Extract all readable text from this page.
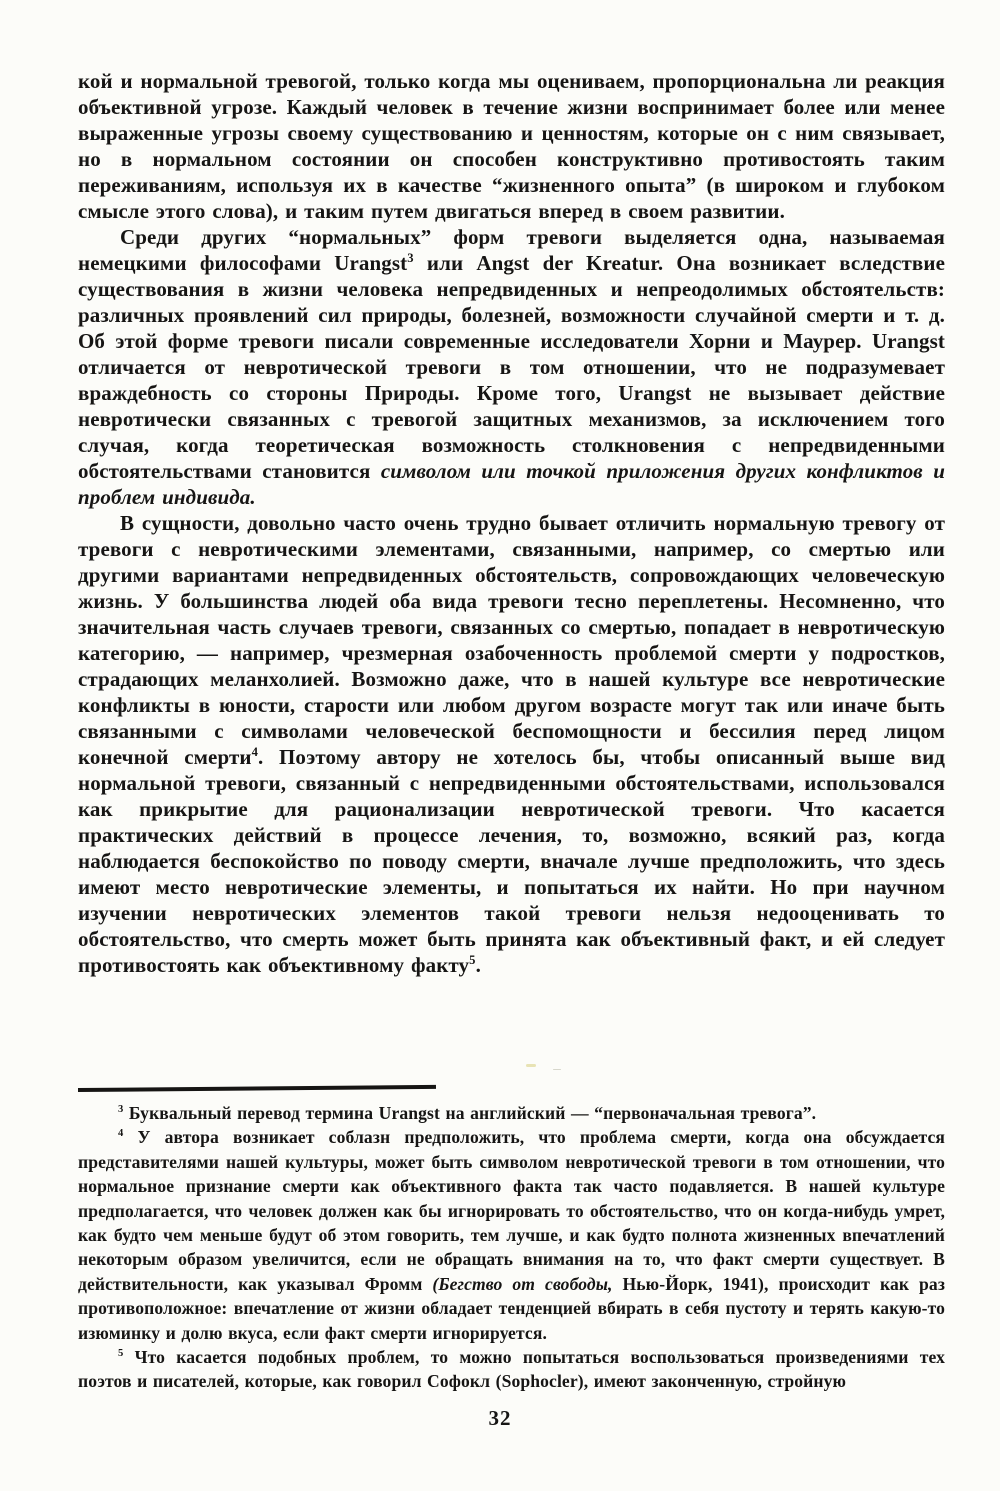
кой и нормальной тревогой, только когда мы оцениваем, пропорциональна ли реакция объективной угрозе. Каждый человек в течение жизни воспринимает более или менее выраженные угрозы своему существованию и ценностям, которые он с ним связывает, но в нормальном состоянии он способен конструктивно противостоять таким переживаниям, используя их в качестве “жизненного опыта” (в широком и глубоком смысле этого слова), и таким путем двигаться вперед в своем развитии.

Среди других “нормальных” форм тревоги выделяется одна, называемая немецкими философами Urangst$^3$ или Angst der Kreatur. Она возникает вследствие существования в жизни человека непредвиденных и непреодолимых обстоятельств: различных проявлений сил природы, болезней, возможности случайной смерти и т. д. Об этой форме тревоги писали современные исследователи Хорни и Маурер. Urangst отличается от невротической тревоги в том отношении, что не подразумевает враждебность со стороны Природы. Кроме того, Urangst не вызывает действие невротически связанных с тревогой защитных механизмов, за исключением того случая, когда теоретическая возможность столкновения с непредвиденными обстоятельствами становится символом или точкой приложения других конфликтов и проблем индивида.

В сущности, довольно часто очень трудно бывает отличить нормальную тревогу от тревоги с невротическими элементами, связанными, например, со смертью или другими вариантами непредвиденных обстоятельств, сопровождающих человеческую жизнь. У большинства людей оба вида тревоги тесно переплетены. Несомненно, что значительная часть случаев тревоги, связанных со смертью, попадает в невротическую категорию, — например, чрезмерная озабоченность проблемой смерти у подростков, страдающих меланхолией. Возможно даже, что в нашей культуре все невротические конфликты в юности, старости или любом другом возрасте могут так или иначе быть связанными с символами человеческой беспомощности и бессилия перед лицом конечной смерти$^4$. Поэтому автору не хотелось бы, чтобы описанный выше вид нормальной тревоги, связанный с непредвиденными обстоятельствами, использовался как прикрытие для рационализации невротической тревоги. Что касается практических действий в процессе лечения, то, возможно, всякий раз, когда наблюдается беспокойство по поводу смерти, вначале лучше предположить, что здесь имеют место невротические элементы, и попытаться их найти. Но при научном изучении невротических элементов такой тревоги нельзя недооценивать то обстоятельство, что смерть может быть принята как объективный факт, и ей следует противостоять как объективному факту$^5$.

$^3$ Буквальный перевод термина Urangst на английский — “первоначальная тревога”.

$^4$ У автора возникает соблазн предположить, что проблема смерти, когда она обсуждается представителями нашей культуры, может быть символом невротической тревоги в том отношении, что нормальное признание смерти как объективного факта так часто подавляется. В нашей культуре предполагается, что человек должен как бы игнорировать то обстоятельство, что он когда-нибудь умрет, как будто чем меньше будут об этом говорить, тем лучше, и как будто полнота жизненных впечатлений некоторым образом увеличится, если не обращать внимания на то, что факт смерти существует. В действительности, как указывал Фромм (Бегство от свободы, Нью-Йорк, 1941), происходит как раз противоположное: впечатление от жизни обладает тенденцией вбирать в себя пустоту и терять какую-то изюминку и долю вкуса, если факт смерти игнорируется.

$^5$ Что касается подобных проблем, то можно попытаться воспользоваться произведениями тех поэтов и писателей, которые, как говорил Софокл (Sophocler), имеют законченную, стройную

32
